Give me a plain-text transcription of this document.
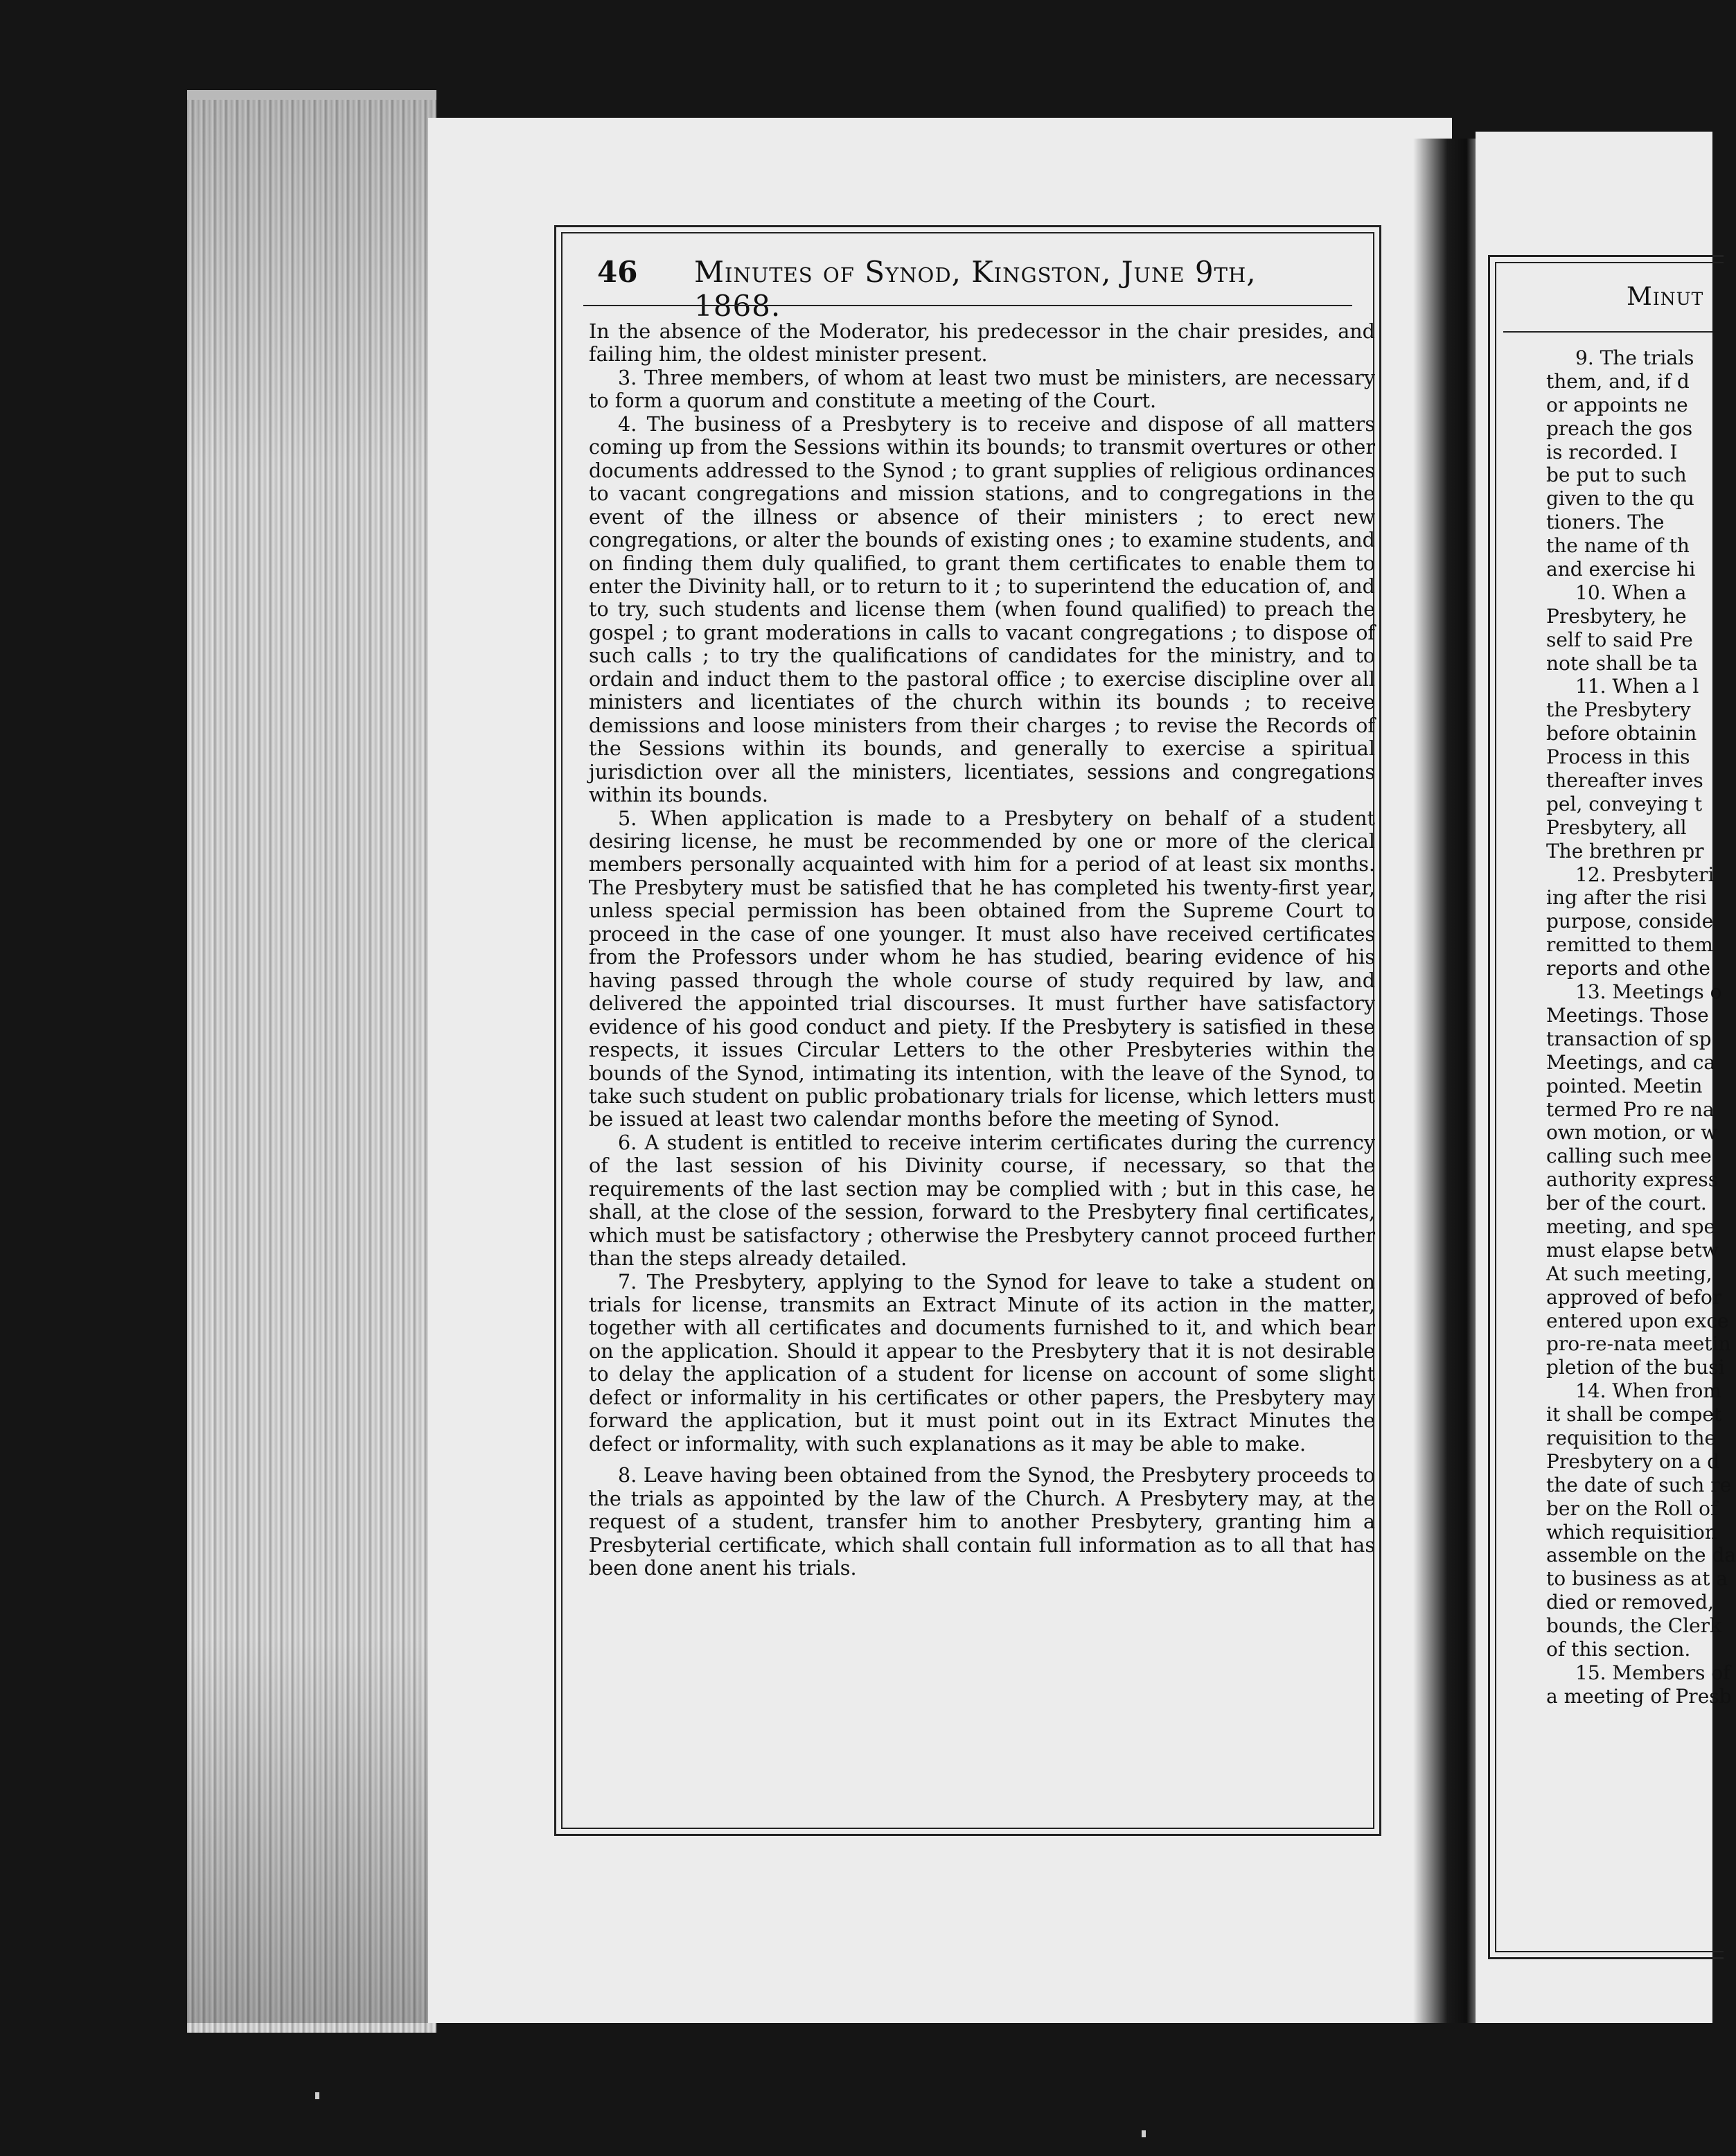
46 Minutes of Synod, Kingston, June 9th, 1868.

In the absence of the Moderator, his predecessor in the chair presides, and failing him, the oldest minister present.

3. Three members, of whom at least two must be ministers, are necessary to form a quorum and constitute a meeting of the Court.

4. The business of a Presbytery is to receive and dispose of all matters coming up from the Sessions within its bounds; to transmit overtures or other documents addressed to the Synod ; to grant supplies of religious ordinances to vacant congregations and mission stations, and to congregations in the event of the illness or absence of their ministers ; to erect new congregations, or alter the bounds of existing ones ; to examine students, and on finding them duly qualified, to grant them certificates to enable them to enter the Divinity hall, or to return to it ; to superintend the education of, and to try, such students and license them (when found qualified) to preach the gospel ; to grant moderations in calls to vacant congregations ; to dispose of such calls ; to try the qualifications of candidates for the ministry, and to ordain and induct them to the pastoral office ; to exercise discipline over all ministers and licentiates of the church within its bounds ; to receive demissions and loose ministers from their charges ; to revise the Records of the Sessions within its bounds, and generally to exercise a spiritual jurisdiction over all the ministers, licentiates, sessions and congregations within its bounds.

5. When application is made to a Presbytery on behalf of a student desiring license, he must be recommended by one or more of the clerical members personally acquainted with him for a period of at least six months. The Presbytery must be satisfied that he has completed his twenty-first year, unless special permission has been obtained from the Supreme Court to proceed in the case of one younger. It must also have received certificates from the Professors under whom he has studied, bearing evidence of his having passed through the whole course of study required by law, and delivered the appointed trial discourses. It must further have satisfactory evidence of his good conduct and piety. If the Presbytery is satisfied in these respects, it issues Circular Letters to the other Presbyteries within the bounds of the Synod, intimating its intention, with the leave of the Synod, to take such student on public probationary trials for license, which letters must be issued at least two calendar months before the meeting of Synod.

6. A student is entitled to receive interim certificates during the currency of the last session of his Divinity course, if necessary, so that the requirements of the last section may be complied with ; but in this case, he shall, at the close of the session, forward to the Presbytery final certificates, which must be satisfactory ; otherwise the Presbytery cannot proceed further than the steps already detailed.

7. The Presbytery, applying to the Synod for leave to take a student on trials for license, transmits an Extract Minute of its action in the matter, together with all certificates and documents furnished to it, and which bear on the application. Should it appear to the Presbytery that it is not desirable to delay the application of a student for license on account of some slight defect or informality in his certificates or other papers, the Presbytery may forward the application, but it must point out in its Extract Minutes the defect or informality, with such explanations as it may be able to make.

8. Leave having been obtained from the Synod, the Presbytery proceeds to the trials as appointed by the law of the Church. A Presbytery may, at the request of a student, transfer him to another Presbytery, granting him a Presbyterial certificate, which shall contain full information as to all that has been done anent his trials.

Minut
9. The trials
them, and, if d
or appoints ne
preach the gos
is recorded. I
be put to such
given to the qu
tioners. The
the name of th
and exercise hi
10. When a
Presbytery, he
self to said Pre
note shall be ta
11. When a l
the Presbytery
before obtainin
Process in this
thereafter inves
pel, conveying t
Presbytery, all
The brethren pr
12. Presbyteri
ing after the risi
purpose, conside
remitted to them
reports and othe
13. Meetings o
Meetings. Those
transaction of sp
Meetings, and ca
pointed. Meetin
termed Pro re na
own motion, or w
calling such mee
authority express
ber of the court.
meeting, and spe
must elapse betw
At such meeting,
approved of befor
entered upon exce
pro-re-nata meetin
pletion of the busi
14. When from
it shall be compet
requisition to the
Presbytery on a d
the date of such re
ber on the Roll of
which requisition
assemble on the da
to business as at a
died or removed,
bounds, the Clerk
of this section.
15. Members of
a meeting of Presb
